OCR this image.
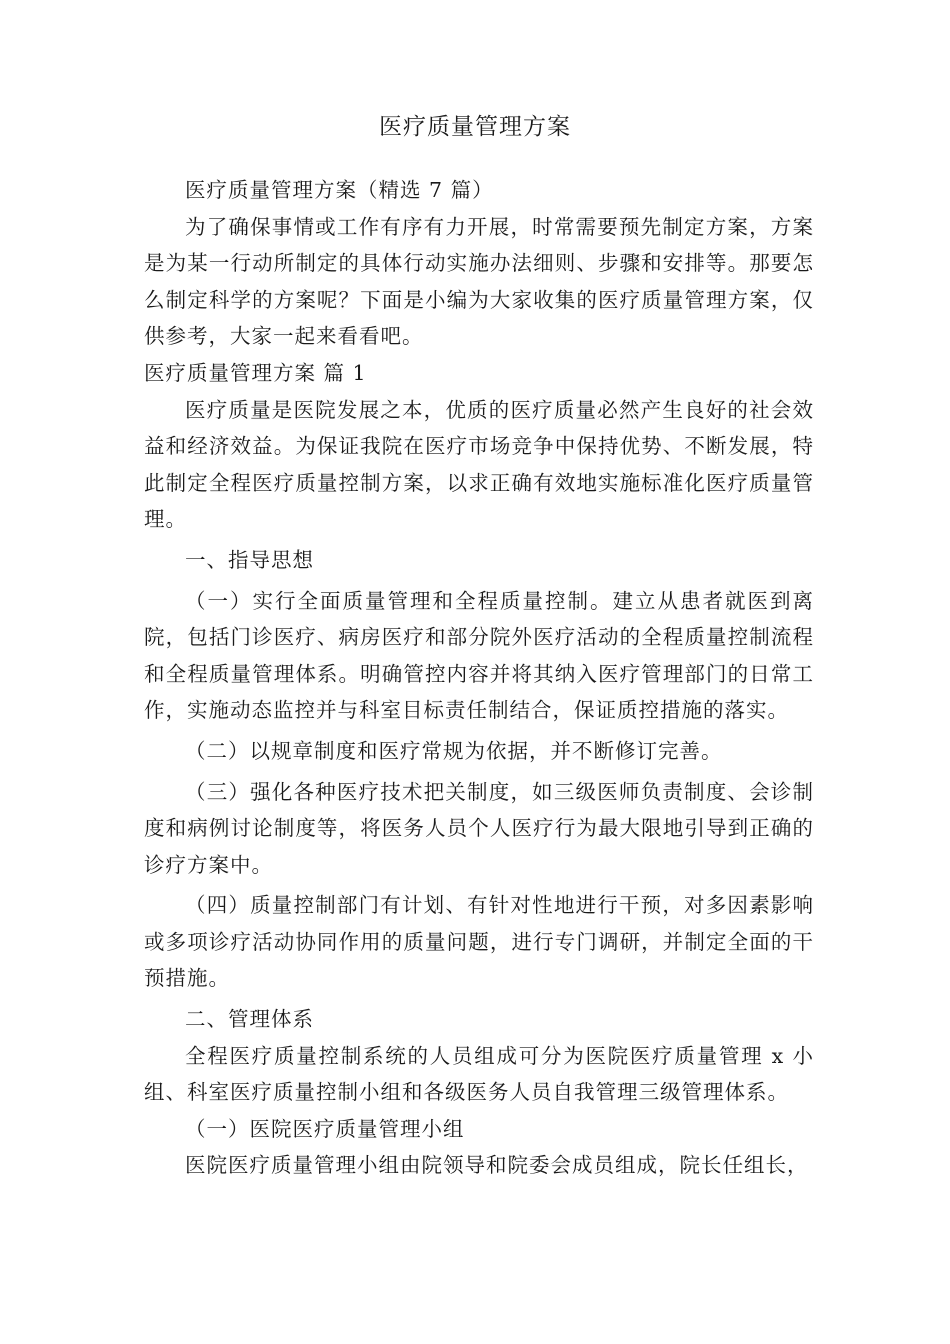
医疗质量管理方案

医疗质量管理方案（精选 7 篇）

为了确保事情或工作有序有力开展，时常需要预先制定方案，方案是为某一行动所制定的具体行动实施办法细则、步骤和安排等。那要怎么制定科学的方案呢？下面是小编为大家收集的医疗质量管理方案，仅供参考，大家一起来看看吧。

医疗质量管理方案 篇 1

医疗质量是医院发展之本，优质的医疗质量必然产生良好的社会效益和经济效益。为保证我院在医疗市场竞争中保持优势、不断发展，特此制定全程医疗质量控制方案，以求正确有效地实施标准化医疗质量管理。

一、指导思想

（一）实行全面质量管理和全程质量控制。建立从患者就医到离院，包括门诊医疗、病房医疗和部分院外医疗活动的全程质量控制流程和全程质量管理体系。明确管控内容并将其纳入医疗管理部门的日常工作，实施动态监控并与科室目标责任制结合，保证质控措施的落实。

（二）以规章制度和医疗常规为依据，并不断修订完善。

（三）强化各种医疗技术把关制度，如三级医师负责制度、会诊制度和病例讨论制度等，将医务人员个人医疗行为最大限地引导到正确的诊疗方案中。

（四）质量控制部门有计划、有针对性地进行干预，对多因素影响或多项诊疗活动协同作用的质量问题，进行专门调研，并制定全面的干预措施。

二、管理体系

全程医疗质量控制系统的人员组成可分为医院医疗质量管理 x 小组、科室医疗质量控制小组和各级医务人员自我管理三级管理体系。

（一）医院医疗质量管理小组

医院医疗质量管理小组由院领导和院委会成员组成，院长任组长，
